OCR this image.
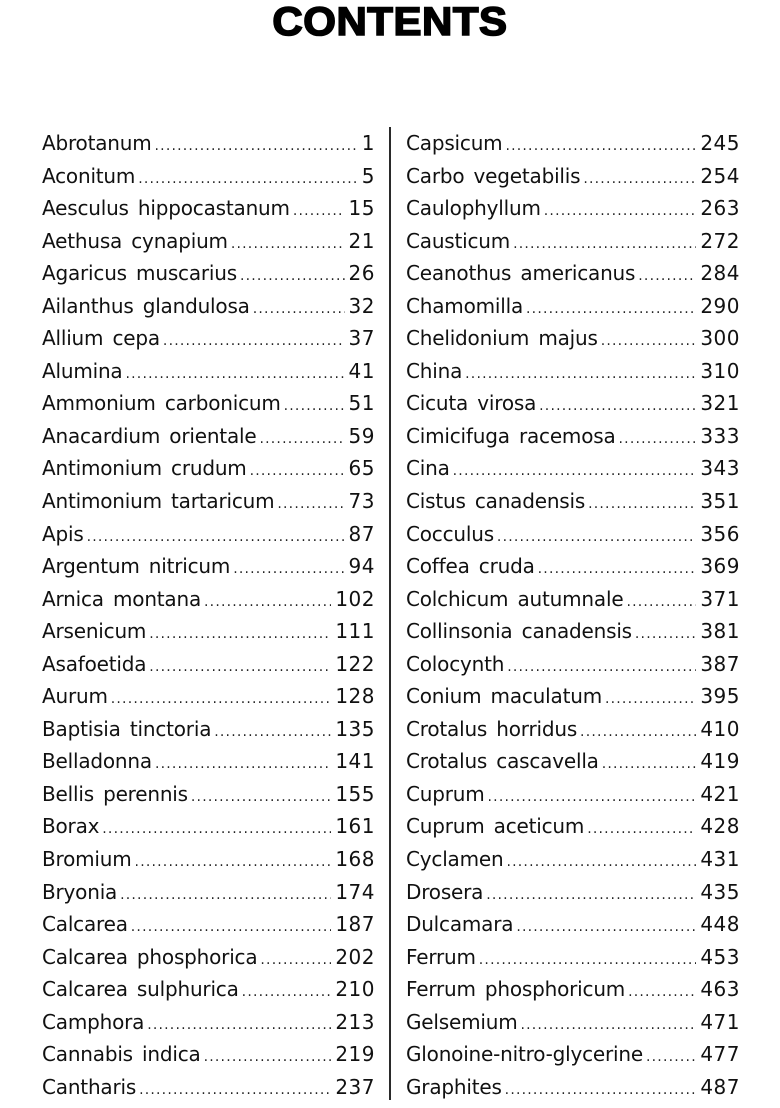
CONTENTS
Abrotanum .....	1
Aconitum .....	5
Aesculus hippocastanum .....	15
Aethusa cynapium .....	21
Agaricus muscarius .....	26
Ailanthus glandulosa .....	32
Allium cepa .....	37
Alumina .....	41
Ammonium carbonicum .....	51
Anacardium orientale .....	59
Antimonium crudum .....	65
Antimonium tartaricum .....	73
Apis .....	87
Argentum nitricum .....	94
Arnica montana .....	102
Arsenicum .....	111
Asafoetida .....	122
Aurum .....	128
Baptisia tinctoria .....	135
Belladonna .....	141
Bellis perennis .....	155
Borax .....	161
Bromium .....	168
Bryonia .....	174
Calcarea .....	187
Calcarea phosphorica .....	202
Calcarea sulphurica .....	210
Camphora .....	213
Cannabis indica .....	219
Cantharis .....	237
Capsicum .....	245
Carbo vegetabilis .....	254
Caulophyllum .....	263
Causticum .....	272
Ceanothus americanus .....	284
Chamomilla .....	290
Chelidonium majus .....	300
China .....	310
Cicuta virosa .....	321
Cimicifuga racemosa .....	333
Cina .....	343
Cistus canadensis .....	351
Cocculus .....	356
Coffea cruda .....	369
Colchicum autumnale .....	371
Collinsonia canadensis .....	381
Colocynth .....	387
Conium maculatum .....	395
Crotalus horridus .....	410
Crotalus cascavella .....	419
Cuprum .....	421
Cuprum aceticum .....	428
Cyclamen .....	431
Drosera .....	435
Dulcamara .....	448
Ferrum .....	453
Ferrum phosphoricum .....	463
Gelsemium .....	471
Glonoine-nitro-glycerine .....	477
Graphites .....	487
